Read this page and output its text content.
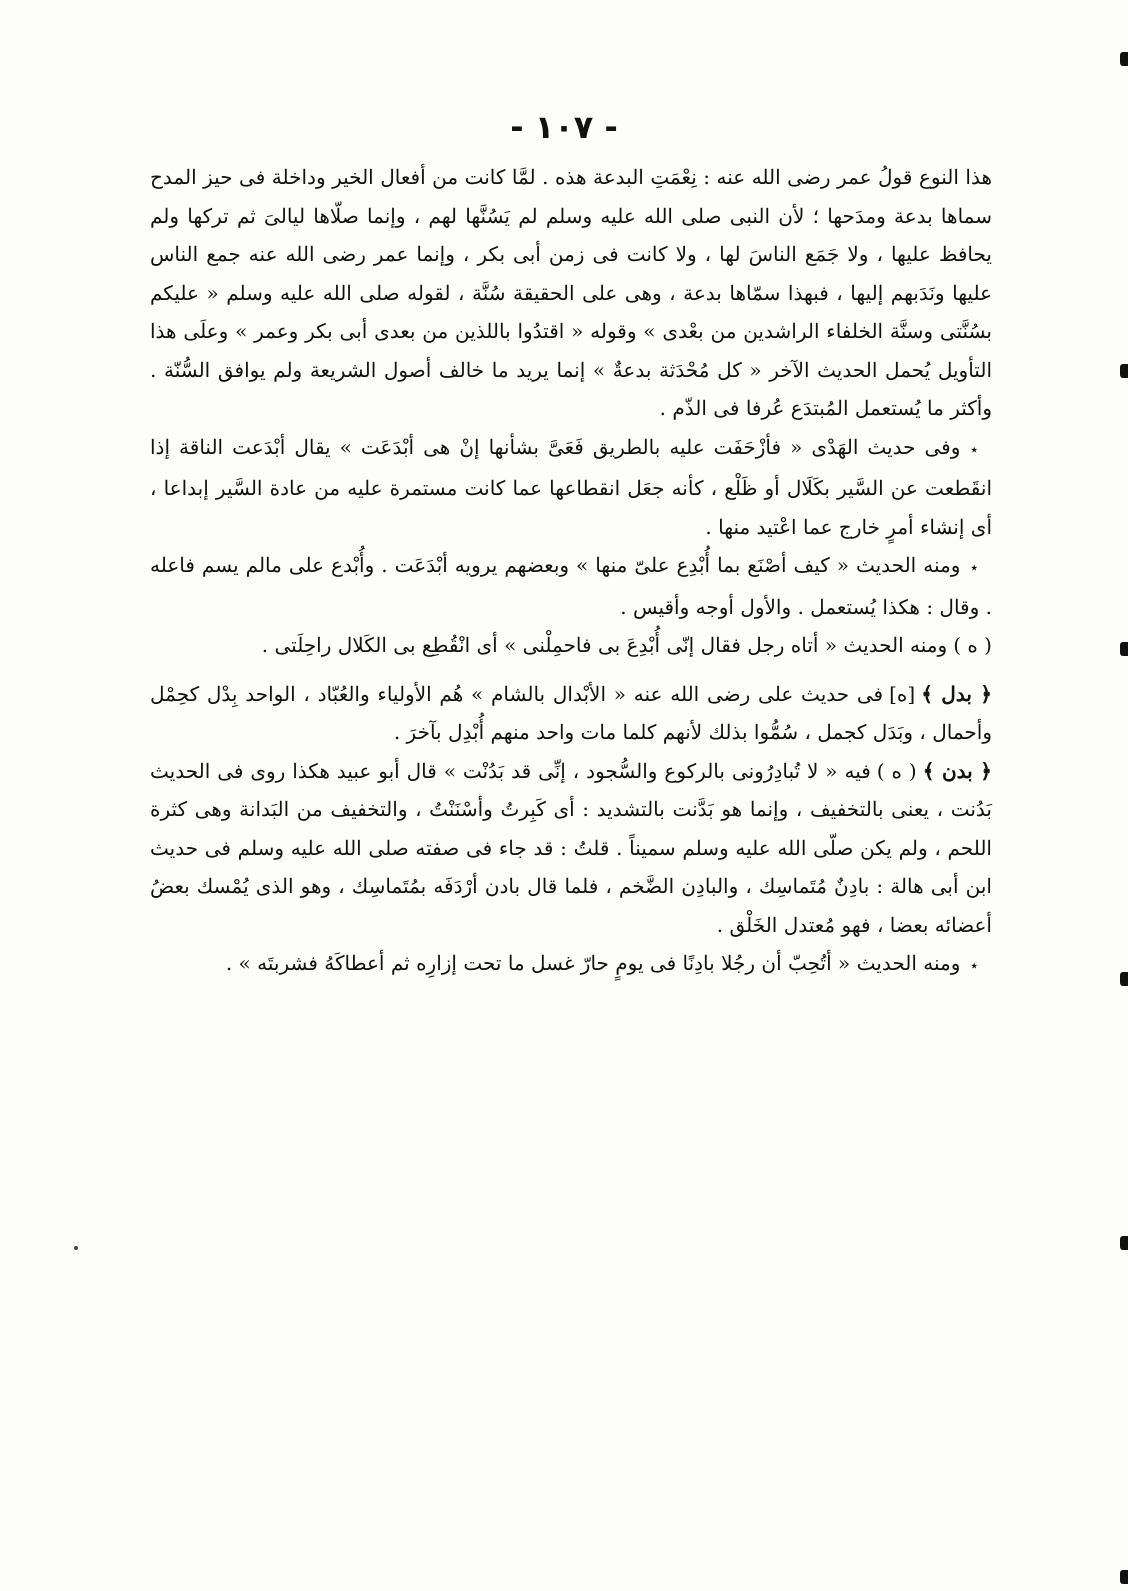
- ١٠٧ -

هذا النوع قولُ عمر رضى الله عنه : نِعْمَتِ البدعة هذه . لمَّا كانت من أفعال الخير وداخلة فى حيز المدح سماها بدعة ومدَحها ؛ لأن النبى صلى الله عليه وسلم لم يَسُنَّها لهم ، وإنما صلّاها ليالىَ ثم تركها ولم يحافظ عليها ، ولا جَمَع الناسَ لها ، ولا كانت فى زمن أبى بكر ، وإنما عمر رضى الله عنه جمع الناس عليها ونَدَبهم إليها ، فبهذا سمّاها بدعة ، وهى على الحقيقة سُنَّة ، لقوله صلى الله عليه وسلم « عليكم بسُنَّتى وسنَّة الخلفاء الراشدين من بعْدى » وقوله « اقتدُوا باللذين من بعدى أبى بكر وعمر » وعلَى هذا التأويل يُحمل الحديث الآخر « كل مُحْدَثة بدعةٌ » إنما يريد ما خالف أصول الشريعة ولم يوافق السُّنّة . وأكثر ما يُستعمل المُبتدَع عُرفا فى الذّم .

٭وفى حديث الهَدْى « فأزْحَفَت عليه بالطريق فَعَىَّ بشأنها إنْ هى أبْدَعَت » يقال أبْدَعت الناقة إذا انقَطعت عن السَّير بكَلَال أو ظَلْع ، كأنه جعَل انقطاعها عما كانت مستمرة عليه من عادة السَّير إبداعا ، أى إنشاء أمرٍ خارج عما اعْتيد منها .

٭ومنه الحديث « كيف أصْنَع بما أُبْدِع علىّ منها » وبعضهم يرويه أبْدَعَت . وأُبْدع على مالم يسم فاعله . وقال : هكذا يُستعمل . والأول أوجه وأقيس .

( ه )ومنه الحديث « أتاه رجل فقال إنّى أُبْدِعَ بى فاحمِلْنى » أى انْقُطِع بى الكَلال راحِلَتى .

﴿ بدل ﴾[ه]فى حديث على رضى الله عنه « الأبْدال بالشام » هُم الأولياء والعُبّاد ، الواحد بِدْل كحِمْل وأحمال ، وبَدَل كجمل ، سُمُّوا بذلك لأنهم كلما مات واحد منهم أُبْدِل بآخرَ .

﴿ بدن ﴾( ه )فيه « لا تُبادِرُونى بالركوع والسُّجود ، إنِّى قد بَدُنْت » قال أبو عبيد هكذا روى فى الحديث بَدُنت ، يعنى بالتخفيف ، وإنما هو بَدَّنت بالتشديد : أى كَبِرتُ وأسْنَنْتُ ، والتخفيف من البَدانة وهى كثرة اللحم ، ولم يكن صلّى الله عليه وسلم سميناً . قلتُ : قد جاء فى صفته صلى الله عليه وسلم فى حديث ابن أبى هالة : بادِنٌ مُتَماسِك ، والبادِن الضَّخم ، فلما قال بادن أرْدَفَه بمُتَماسِك ، وهو الذى يُمْسك بعضُ أعضائه بعضا ، فهو مُعتدل الخَلْق .

٭ومنه الحديث « أتُحِبّ أن رجُلا بادِنًا فى يومٍ حارّ غسل ما تحت إزارِه ثم أعطاكَهُ فشربتَه » .
